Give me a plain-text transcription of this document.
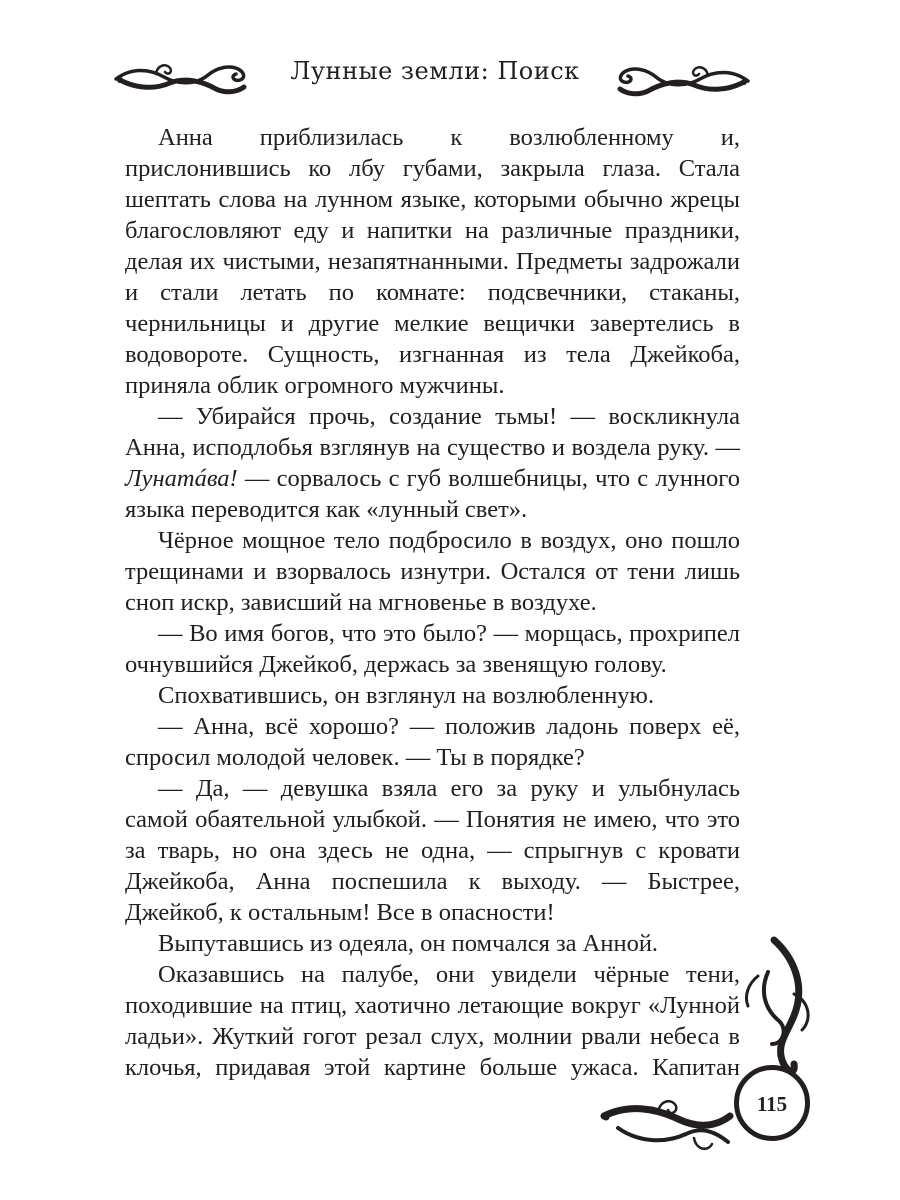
Лунные земли: Поиск

Анна приблизилась к возлюбленному и, прислонившись ко лбу губами, закрыла глаза. Стала шептать слова на лунном языке, которыми обычно жрецы благословляют еду и напитки на различные праздники, делая их чистыми, незапятнанными. Предметы задрожали и стали летать по комнате: подсвечники, стаканы, чернильницы и другие мелкие вещички завертелись в водовороте. Сущность, изгнанная из тела Джейкоба, приняла облик огромного мужчины.

— Убирайся прочь, создание тьмы! — воскликнула Анна, исподлобья взглянув на существо и воздела руку. — Лунатáва! — сорвалось с губ волшебницы, что с лунного языка переводится как «лунный свет».

Чёрное мощное тело подбросило в воздух, оно пошло трещинами и взорвалось изнутри. Остался от тени лишь сноп искр, зависший на мгновенье в воздухе.

— Во имя богов, что это было? — морщась, прохрипел очнувшийся Джейкоб, держась за звенящую голову.

Спохватившись, он взглянул на возлюбленную.

— Анна, всё хорошо? — положив ладонь поверх её, спросил молодой человек. — Ты в порядке?

— Да, — девушка взяла его за руку и улыбнулась самой обаятельной улыбкой. — Понятия не имею, что это за тварь, но она здесь не одна, — спрыгнув с кровати Джейкоба, Анна поспешила к выходу. — Быстрее, Джейкоб, к остальным! Все в опасности!

Выпутавшись из одеяла, он помчался за Анной.

Оказавшись на палубе, они увидели чёрные тени, походившие на птиц, хаотично летающие вокруг «Лунной ладьи». Жуткий гогот резал слух, молнии рвали небеса в клочья, придавая этой картине больше ужаса. Капитан

115
